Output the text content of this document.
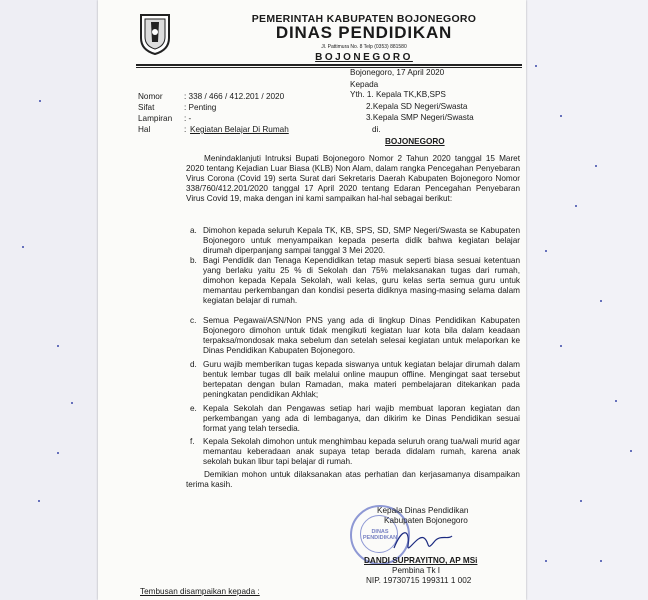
PEMERINTAH KABUPATEN BOJONEGORO
DINAS PENDIDIKAN
Jl. Pattimura No. 8 Telp (0353) 881580
BOJONEGORO
Bojonegoro, 17 April 2020
Kepada
Yth. 1. Kepala TK,KB,SPS
2.Kepala SD Negeri/Swasta
3.Kepala SMP Negeri/Swasta
di.
BOJONEGORO
Nomor	: 338 / 466 / 412.201 / 2020
Sifat	: Penting
Lampiran : -
Hal	: Kegiatan Belajar Di Rumah
Menindaklanjuti Intruksi Bupati Bojonegoro Nomor 2 Tahun 2020 tanggal 15 Maret 2020 tentang Kejadian Luar Biasa (KLB) Non Alam, dalam rangka Pencegahan Penyebaran Virus Corona (Covid 19) serta Surat dari Sekretaris Daerah Kabupaten Bojonegoro Nomor 338/760/412.201/2020 tanggal 17 April 2020 tentang Edaran Pencegahan Penyebaran Virus Covid 19, maka dengan ini kami sampaikan hal-hal sebagai berikut:
a. Dimohon kepada seluruh Kepala TK, KB, SPS, SD, SMP Negeri/Swasta se Kabupaten Bojonegoro untuk menyampaikan kepada peserta didik bahwa kegiatan belajar dirumah diperpanjang sampai tanggal 3 Mei 2020.
b. Bagi Pendidik dan Tenaga Kependidikan tetap masuk seperti biasa sesuai ketentuan yang berlaku yaitu 25 % di Sekolah dan 75% melaksanakan tugas dari rumah, dimohon kepada Kepala Sekolah, wali kelas, guru kelas serta semua guru untuk memantau perkembangan dan kondisi peserta didiknya masing-masing selama dalam kegiatan belajar di rumah.
c. Semua Pegawai/ASN/Non PNS yang ada di lingkup Dinas Pendidikan Kabupaten Bojonegoro dimohon untuk tidak mengikuti kegiatan luar kota bila dalam keadaan terpaksa/mondosak maka sebelum dan setelah selesai kegiatan untuk melaporkan ke Dinas Pendidikan Kabupaten Bojonegoro.
d. Guru wajib memberikan tugas kepada siswanya untuk kegiatan belajar dirumah dalam bentuk lembar tugas dll baik melalui online maupun offline. Mengingat saat tersebut bertepatan dengan bulan Ramadan, maka materi pembelajaran ditekankan pada peningkatan pendidikan Akhlak;
e. Kepala Sekolah dan Pengawas setiap hari wajib membuat laporan kegiatan dan perkembangan yang ada di lembaganya, dan dikirim ke Dinas Pendidikan sesuai format yang telah tersedia.
f. Kepala Sekolah dimohon untuk menghimbau kepada seluruh orang tua/wali murid agar memantau keberadaan anak supaya tetap berada didalam rumah, karena anak sekolah bukan libur tapi belajar di rumah.
Demikian mohon untuk dilaksanakan atas perhatian dan kerjasamanya disampaikan terima kasih.
DINAS
PENDIDIKAN
Kepala Dinas Pendidikan
Kabupaten Bojonegoro
DANDI SUPRAYITNO, AP MSi
Pembina Tk I
NIP. 19730715 199311 1 002
Tembusan disampaikan kepada :
